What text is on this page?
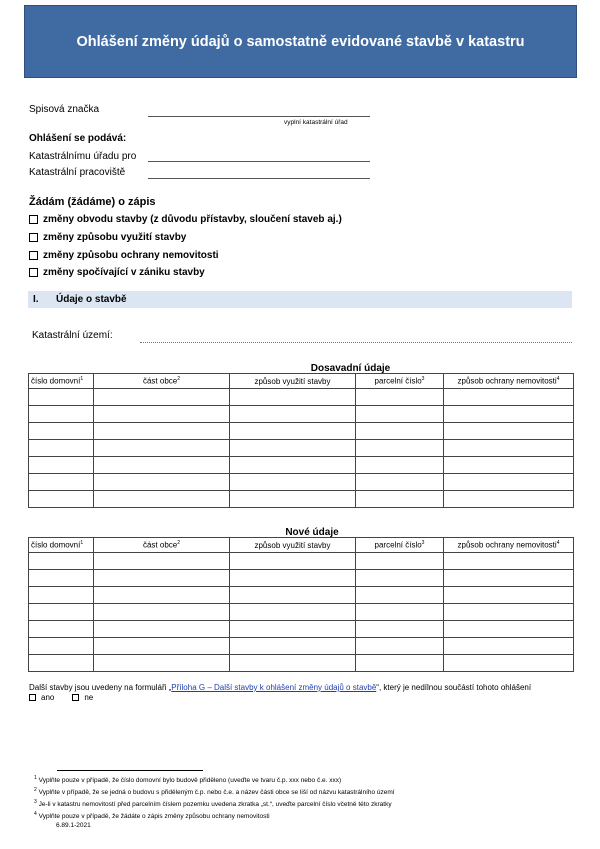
Ohlášení změny údajů o samostatně evidované stavbě v katastru
Spisová značka
vyplní katastrální úřad
Ohlášení se podává:
Katastrálnímu úřadu pro
Katastrální pracoviště
Žádám (žádáme) o zápis
změny obvodu stavby (z důvodu přístavby, sloučení staveb aj.)
změny způsobu využití stavby
změny způsobu ochrany nemovitosti
změny spočívající v zániku stavby
I.	Údaje o stavbě
Katastrální území:
Dosavadní údaje
číslo domovní$^1$	část obce$^2$	způsob využití stavby	parcelní číslo$^3$	způsob ochrany nemovitosti$^4$

Nové údaje
číslo domovní$^1$	část obce$^2$	způsob využití stavby	parcelní číslo$^3$	způsob ochrany nemovitosti$^4$

Další stavby jsou uvedeny na formuláři „Příloha G – Další stavby k ohlášení změny údajů o stavbě“, který je nedílnou součástí tohoto ohlášení
ano	ne
$^1$ Vyplňte pouze v případě, že číslo domovní bylo budově přiděleno (uveďte ve tvaru č.p. xxx nebo č.e. xxx)
$^2$ Vyplňte v případě, že se jedná o budovu s přiděleným č.p. nebo č.e. a název části obce se liší od názvu katastrálního území
$^3$ Je-li v katastru nemovitostí před parcelním číslem pozemku uvedena zkratka „st.“, uveďte parcelní číslo včetně této zkratky
$^4$ Vyplňte pouze v případě, že žádáte o zápis změny způsobu ochrany nemovitosti
6.89.1-2021
